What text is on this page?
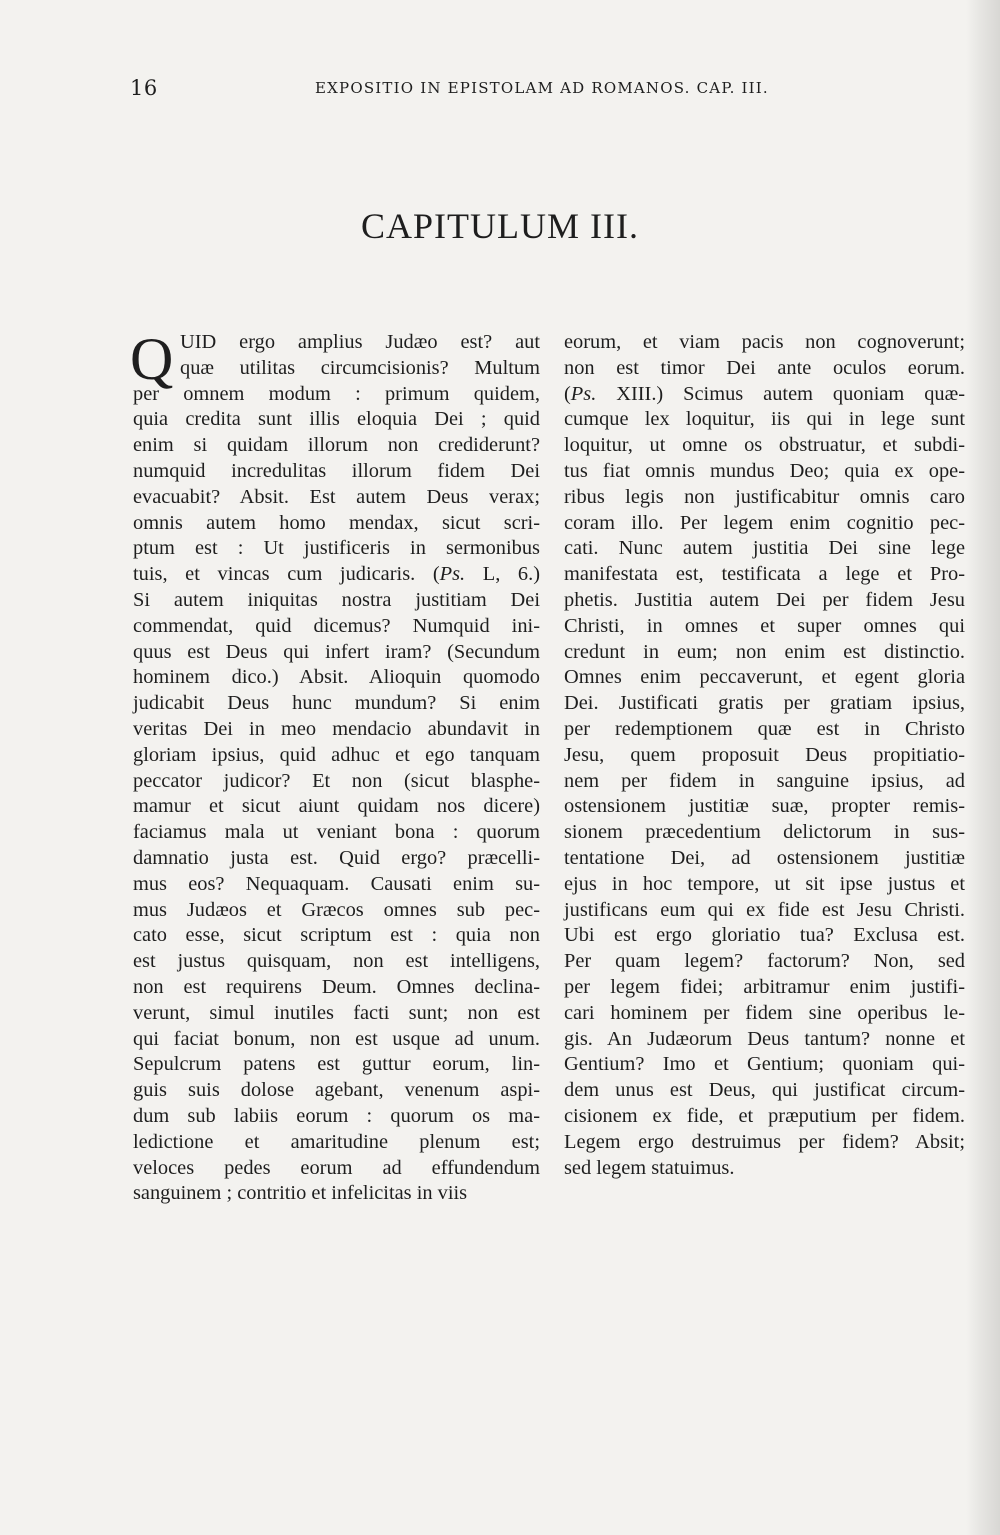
16	EXPOSITIO IN EPISTOLAM AD ROMANOS. CAP. III.
CAPITULUM III.
Q UID ergo amplius Judæo est? aut
quæ utilitas circumcisionis? Multum
per omnem modum : primum quidem,
quia credita sunt illis eloquia Dei ; quid
enim si quidam illorum non crediderunt?
numquid incredulitas illorum fidem Dei
evacuabit? Absit. Est autem Deus verax;
omnis autem homo mendax, sicut scri-
ptum est : Ut justificeris in sermonibus
tuis, et vincas cum judicaris. (Ps. L, 6.)
Si autem iniquitas nostra justitiam Dei
commendat, quid dicemus? Numquid ini-
quus est Deus qui infert iram? (Secundum
hominem dico.) Absit. Alioquin quomodo
judicabit Deus hunc mundum? Si enim
veritas Dei in meo mendacio abundavit in
gloriam ipsius, quid adhuc et ego tanquam
peccator judicor? Et non (sicut blasphe-
mamur et sicut aiunt quidam nos dicere)
faciamus mala ut veniant bona : quorum
damnatio justa est. Quid ergo? præcelli-
mus eos? Nequaquam. Causati enim su-
mus Judæos et Græcos omnes sub pec-
cato esse, sicut scriptum est : quia non
est justus quisquam, non est intelligens,
non est requirens Deum. Omnes declina-
verunt, simul inutiles facti sunt; non est
qui faciat bonum, non est usque ad unum.
Sepulcrum patens est guttur eorum, lin-
guis suis dolose agebant, venenum aspi-
dum sub labiis eorum : quorum os ma-
ledictione et amaritudine plenum est;
veloces pedes eorum ad effundendum
sanguinem ; contritio et infelicitas in viis
eorum, et viam pacis non cognoverunt;
non est timor Dei ante oculos eorum.
(Ps. XIII.) Scimus autem quoniam quæ-
cumque lex loquitur, iis qui in lege sunt
loquitur, ut omne os obstruatur, et subdi-
tus fiat omnis mundus Deo; quia ex ope-
ribus legis non justificabitur omnis caro
coram illo. Per legem enim cognitio pec-
cati. Nunc autem justitia Dei sine lege
manifestata est, testificata a lege et Pro-
phetis. Justitia autem Dei per fidem Jesu
Christi, in omnes et super omnes qui
credunt in eum; non enim est distinctio.
Omnes enim peccaverunt, et egent gloria
Dei. Justificati gratis per gratiam ipsius,
per redemptionem quæ est in Christo
Jesu, quem proposuit Deus propitiatio-
nem per fidem in sanguine ipsius, ad
ostensionem justitiæ suæ, propter remis-
sionem præcedentium delictorum in sus-
tentatione Dei, ad ostensionem justitiæ
ejus in hoc tempore, ut sit ipse justus et
justificans eum qui ex fide est Jesu Christi.
Ubi est ergo gloriatio tua? Exclusa est.
Per quam legem? factorum? Non, sed
per legem fidei; arbitramur enim justifi-
cari hominem per fidem sine operibus le-
gis. An Judæorum Deus tantum? nonne et
Gentium? Imo et Gentium; quoniam qui-
dem unus est Deus, qui justificat circum-
cisionem ex fide, et præputium per fidem.
Legem ergo destruimus per fidem? Absit;
sed legem statuimus.
